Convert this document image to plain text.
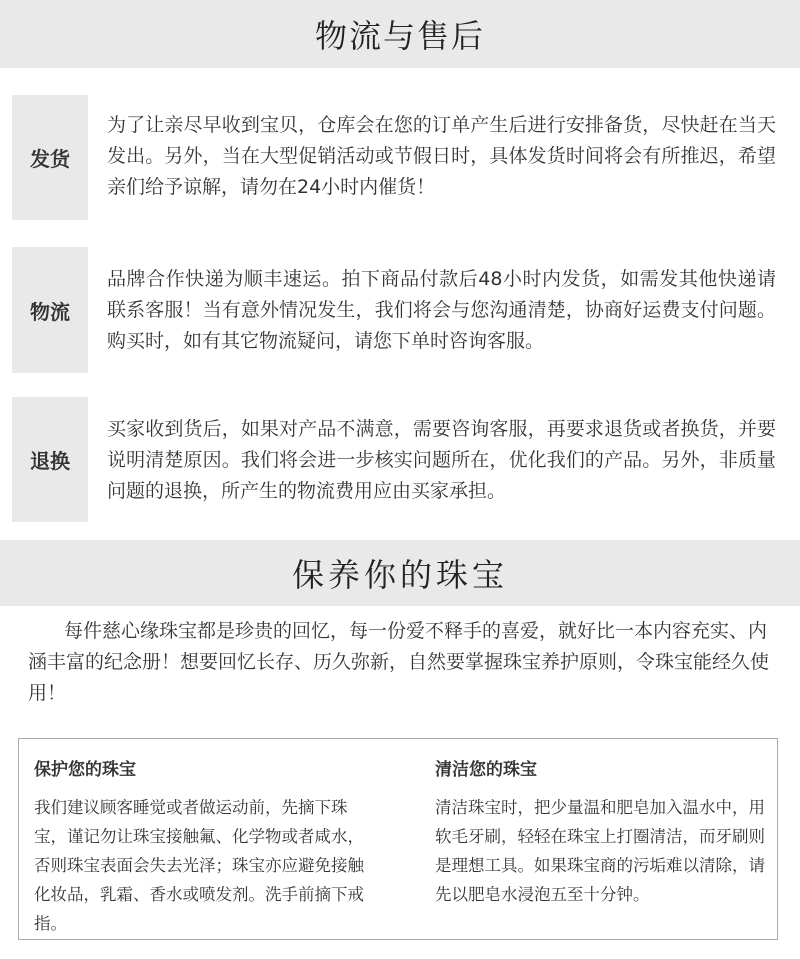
物流与售后
发货
为了让亲尽早收到宝贝，仓库会在您的订单产生后进行安排备货，尽快赶在当天发出。另外，当在大型促销活动或节假日时，具体发货时间将会有所推迟，希望亲们给予谅解，请勿在24小时内催货！
物流
品牌合作快递为顺丰速运。拍下商品付款后48小时内发货，如需发其他快递请联系客服！当有意外情况发生，我们将会与您沟通清楚，协商好运费支付问题。购买时，如有其它物流疑问，请您下单时咨询客服。
退换
买家收到货后，如果对产品不满意，需要咨询客服，再要求退货或者换货，并要说明清楚原因。我们将会进一步核实问题所在，优化我们的产品。另外，非质量问题的退换，所产生的物流费用应由买家承担。
保养你的珠宝
每件慈心缘珠宝都是珍贵的回忆，每一份爱不释手的喜爱，就好比一本内容充实、内涵丰富的纪念册！想要回忆长存、历久弥新，自然要掌握珠宝养护原则，令珠宝能经久使用！
保护您的珠宝
我们建议顾客睡觉或者做运动前，先摘下珠宝，谨记勿让珠宝接触氟、化学物或者咸水，否则珠宝表面会失去光泽；珠宝亦应避免接触化妆品，乳霜、香水或喷发剂。洗手前摘下戒指。
清洁您的珠宝
清洁珠宝时，把少量温和肥皂加入温水中，用软毛牙刷，轻轻在珠宝上打圈清洁，而牙刷则是理想工具。如果珠宝商的污垢难以清除，请先以肥皂水浸泡五至十分钟。
